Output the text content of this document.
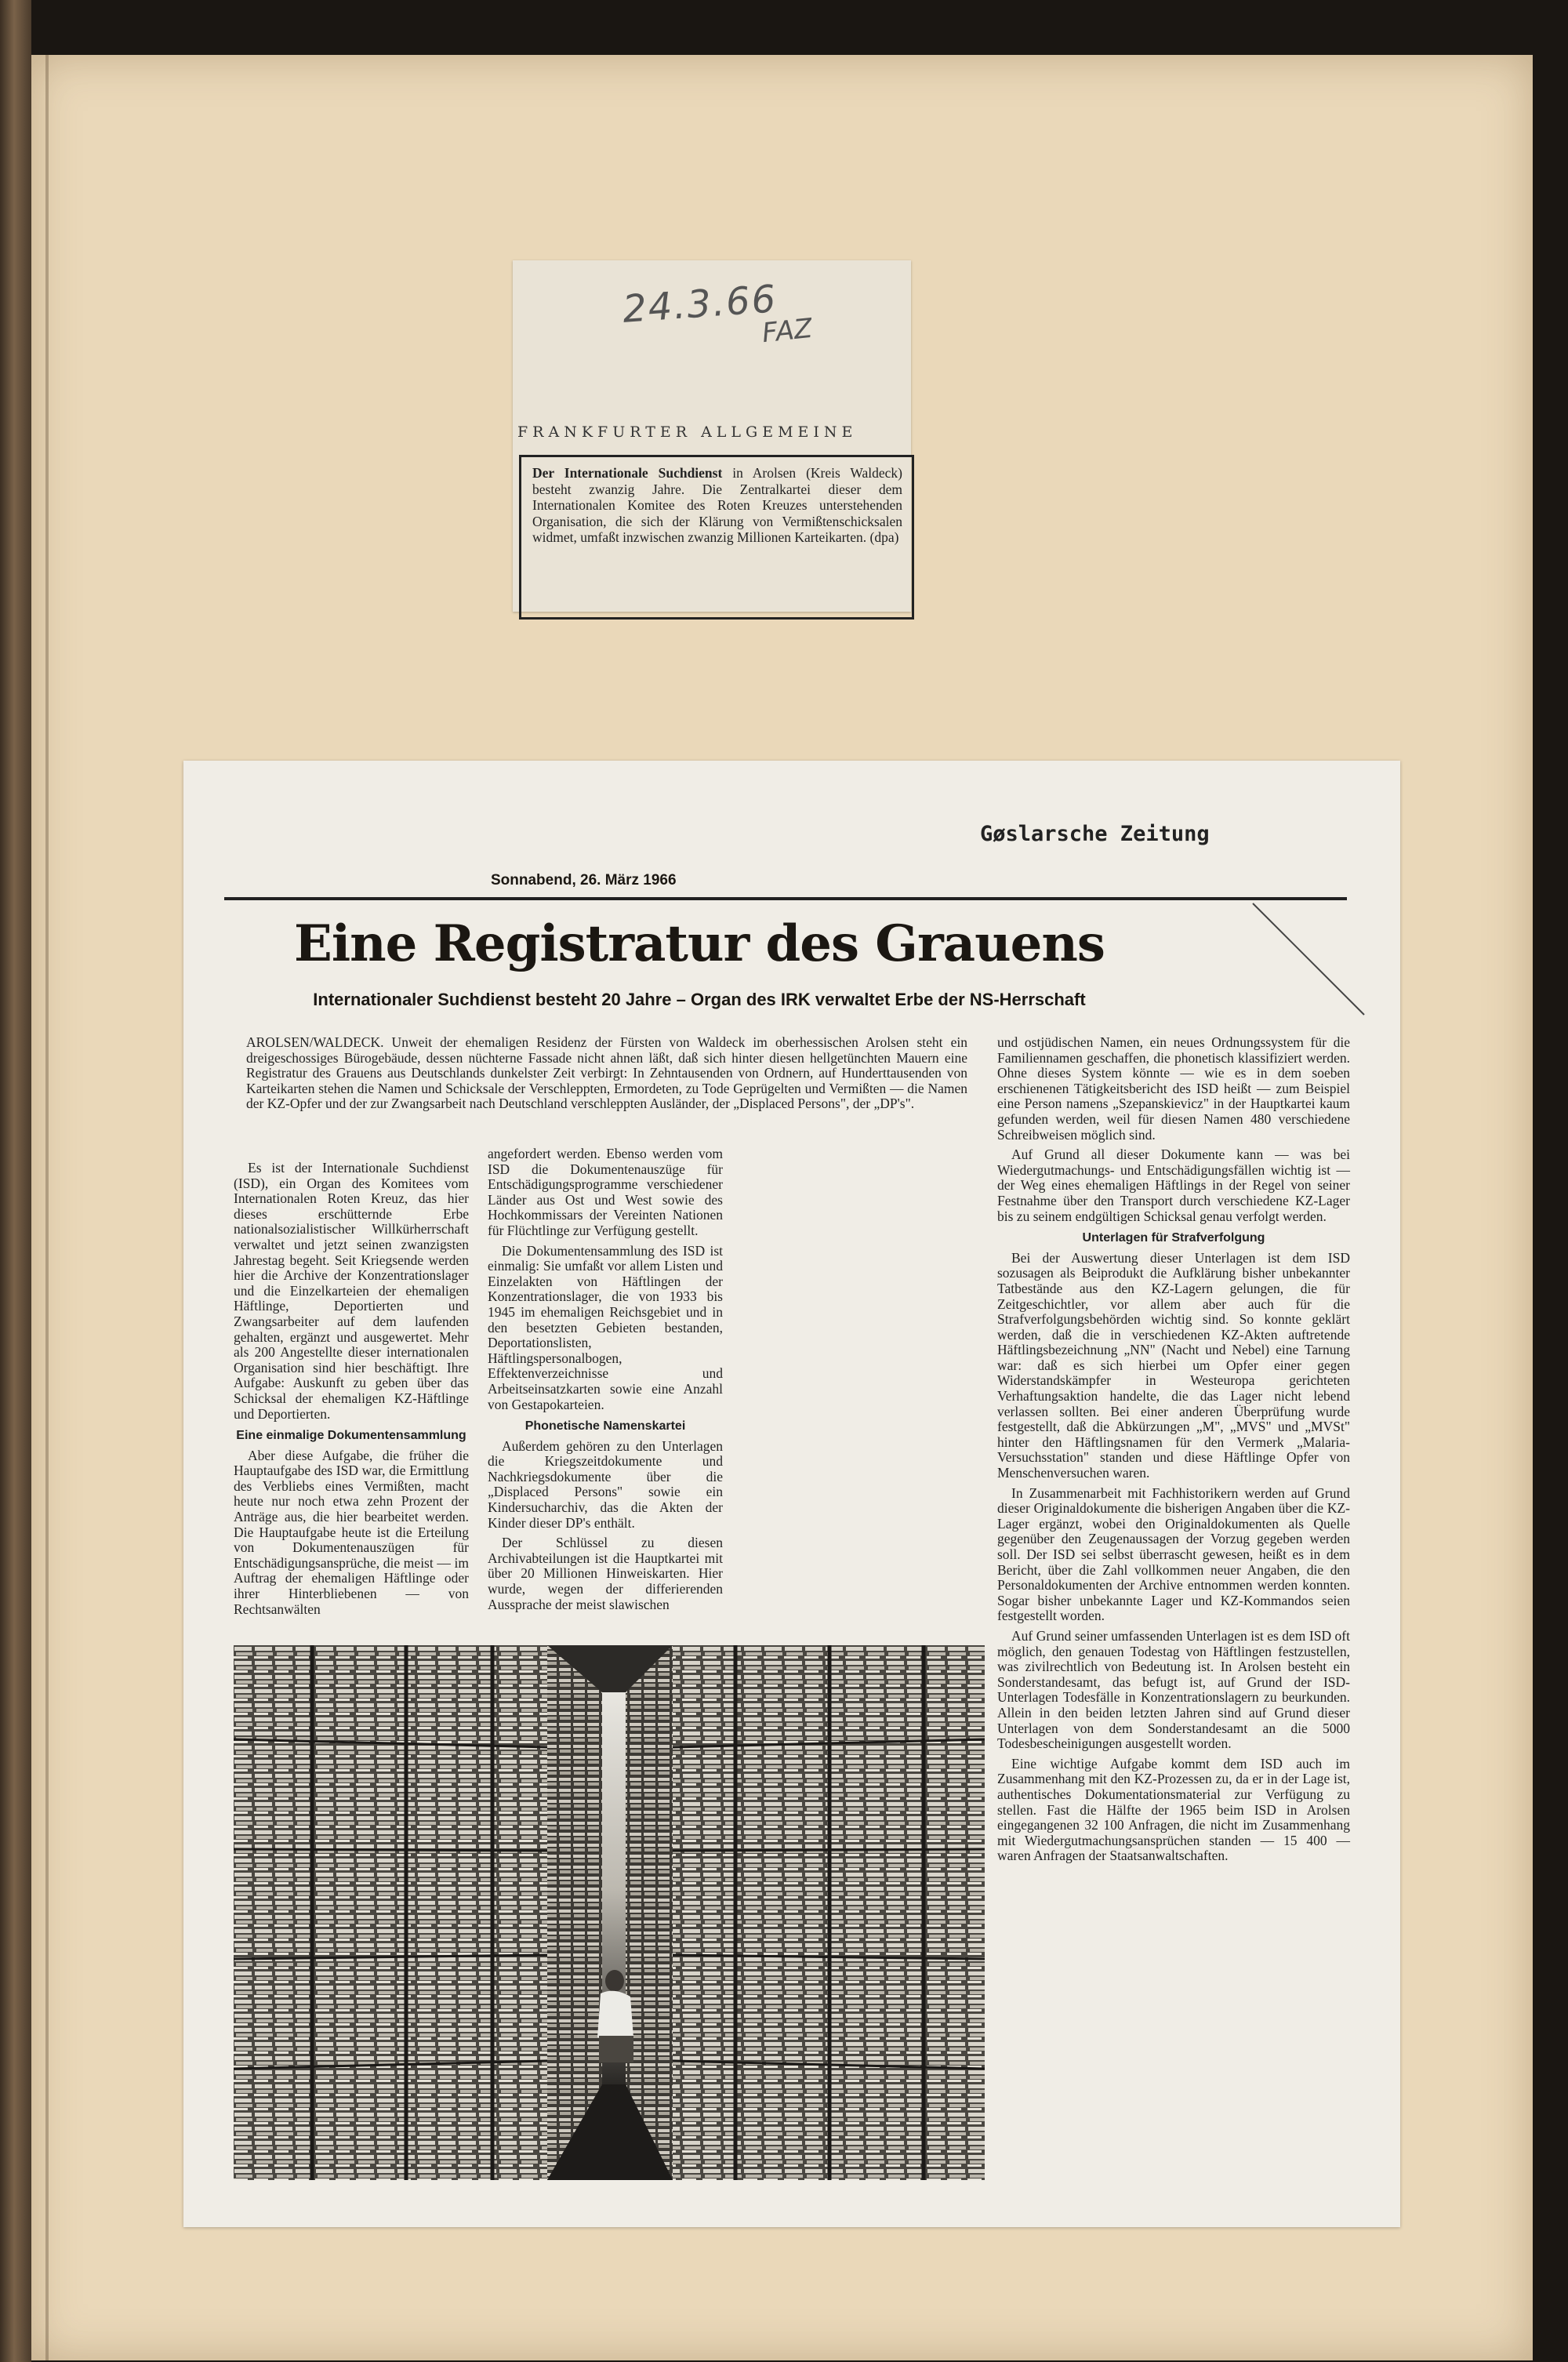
24.3.66
FAZ
FRANKFURTER ALLGEMEINE
Der Internationale Suchdienst in Arolsen (Kreis Waldeck) besteht zwanzig Jahre. Die Zentralkartei dieser dem Internationalen Komitee des Roten Kreuzes unterstehenden Organisation, die sich der Klärung von Vermißtenschicksalen widmet, umfaßt inzwischen zwanzig Millionen Karteikarten. (dpa)
Gøslarsche Zeitung
Sonnabend, 26. März 1966
Eine Registratur des Grauens
Internationaler Suchdienst besteht 20 Jahre – Organ des IRK verwaltet Erbe der NS-Herrschaft

AROLSEN/WALDECK. Unweit der ehemaligen Residenz der Fürsten von Waldeck im oberhessischen Arolsen steht ein dreigeschossiges Bürogebäude, dessen nüchterne Fassade nicht ahnen läßt, daß sich hinter diesen hellgetünchten Mauern eine Registratur des Grauens aus Deutschlands dunkelster Zeit verbirgt: In Zehntausenden von Ordnern, auf Hunderttausenden von Karteikarten stehen die Namen und Schicksale der Verschleppten, Ermordeten, zu Tode Geprügelten und Vermißten — die Namen der KZ-Opfer und der zur Zwangsarbeit nach Deutschland verschleppten Ausländer, der „Displaced Persons", der „DP's".

Es ist der Internationale Suchdienst (ISD), ein Organ des Komitees vom Internationalen Roten Kreuz, das hier dieses erschütternde Erbe nationalsozialistischer Willkürherrschaft verwaltet und jetzt seinen zwanzigsten Jahrestag begeht. Seit Kriegsende werden hier die Archive der Konzentrationslager und die Einzelkarteien der ehemaligen Häftlinge, Deportierten und Zwangsarbeiter auf dem laufenden gehalten, ergänzt und ausgewertet. Mehr als 200 Angestellte dieser internationalen Organisation sind hier beschäftigt. Ihre Aufgabe: Auskunft zu geben über das Schicksal der ehemaligen KZ-Häftlinge und Deportierten.

Eine einmalige Dokumentensammlung

Aber diese Aufgabe, die früher die Hauptaufgabe des ISD war, die Ermittlung des Verbliebs eines Vermißten, macht heute nur noch etwa zehn Prozent der Anträge aus, die hier bearbeitet werden. Die Hauptaufgabe heute ist die Erteilung von Dokumentenauszügen für Entschädigungsansprüche, die meist — im Auftrag der ehemaligen Häftlinge oder ihrer Hinterbliebenen — von Rechtsanwälten

angefordert werden. Ebenso werden vom ISD die Dokumentenauszüge für Entschädigungsprogramme verschiedener Länder aus Ost und West sowie des Hochkommissars der Vereinten Nationen für Flüchtlinge zur Verfügung gestellt.

Die Dokumentensammlung des ISD ist einmalig: Sie umfaßt vor allem Listen und Einzelakten von Häftlingen der Konzentrationslager, die von 1933 bis 1945 im ehemaligen Reichsgebiet und in den besetzten Gebieten bestanden, Deportationslisten, Häftlingspersonalbogen, Effektenverzeichnisse und Arbeitseinsatzkarten sowie eine Anzahl von Gestapokarteien.

Phonetische Namenskartei

Außerdem gehören zu den Unterlagen die Kriegszeitdokumente und Nachkriegsdokumente über die „Displaced Persons" sowie ein Kindersucharchiv, das die Akten der Kinder dieser DP's enthält.

Der Schlüssel zu diesen Archivabteilungen ist die Hauptkartei mit über 20 Millionen Hinweiskarten. Hier wurde, wegen der differierenden Aussprache der meist slawischen

und ostjüdischen Namen, ein neues Ordnungssystem für die Familiennamen geschaffen, die phonetisch klassifiziert werden. Ohne dieses System könnte — wie es in dem soeben erschienenen Tätigkeitsbericht des ISD heißt — zum Beispiel eine Person namens „Szepanskievicz" in der Hauptkartei kaum gefunden werden, weil für diesen Namen 480 verschiedene Schreibweisen möglich sind.

Auf Grund all dieser Dokumente kann — was bei Wiedergutmachungs- und Entschädigungsfällen wichtig ist — der Weg eines ehemaligen Häftlings in der Regel von seiner Festnahme über den Transport durch verschiedene KZ-Lager bis zu seinem endgültigen Schicksal genau verfolgt werden.

Unterlagen für Strafverfolgung

Bei der Auswertung dieser Unterlagen ist dem ISD sozusagen als Beiprodukt die Aufklärung bisher unbekannter Tatbestände aus den KZ-Lagern gelungen, die für Zeitgeschichtler, vor allem aber auch für die Strafverfolgungsbehörden wichtig sind. So konnte geklärt werden, daß die in verschiedenen KZ-Akten auftretende Häftlingsbezeichnung „NN" (Nacht und Nebel) eine Tarnung war: daß es sich hierbei um Opfer einer gegen Widerstandskämpfer in Westeuropa gerichteten Verhaftungsaktion handelte, die das Lager nicht lebend verlassen sollten. Bei einer anderen Überprüfung wurde festgestellt, daß die Abkürzungen „M", „MVS" und „MVSt" hinter den Häftlingsnamen für den Vermerk „Malaria-Versuchsstation" standen und diese Häftlinge Opfer von Menschenversuchen waren.

In Zusammenarbeit mit Fachhistorikern werden auf Grund dieser Originaldokumente die bisherigen Angaben über die KZ-Lager ergänzt, wobei den Originaldokumenten als Quelle gegenüber den Zeugenaussagen der Vorzug gegeben werden soll. Der ISD sei selbst überrascht gewesen, heißt es in dem Bericht, über die Zahl vollkommen neuer Angaben, die den Personaldokumenten der Archive entnommen werden konnten. Sogar bisher unbekannte Lager und KZ-Kommandos seien festgestellt worden.

Auf Grund seiner umfassenden Unterlagen ist es dem ISD oft möglich, den genauen Todestag von Häftlingen festzustellen, was zivilrechtlich von Bedeutung ist. In Arolsen besteht ein Sonderstandesamt, das befugt ist, auf Grund der ISD-Unterlagen Todesfälle in Konzentrationslagern zu beurkunden. Allein in den beiden letzten Jahren sind auf Grund dieser Unterlagen von dem Sonderstandesamt an die 5000 Todesbescheinigungen ausgestellt worden.

Eine wichtige Aufgabe kommt dem ISD auch im Zusammenhang mit den KZ-Prozessen zu, da er in der Lage ist, authentisches Dokumentationsmaterial zur Verfügung zu stellen. Fast die Hälfte der 1965 beim ISD in Arolsen eingegangenen 32 100 Anfragen, die nicht im Zusammenhang mit Wiedergutmachungsansprüchen standen — 15 400 — waren Anfragen der Staatsanwaltschaften.
